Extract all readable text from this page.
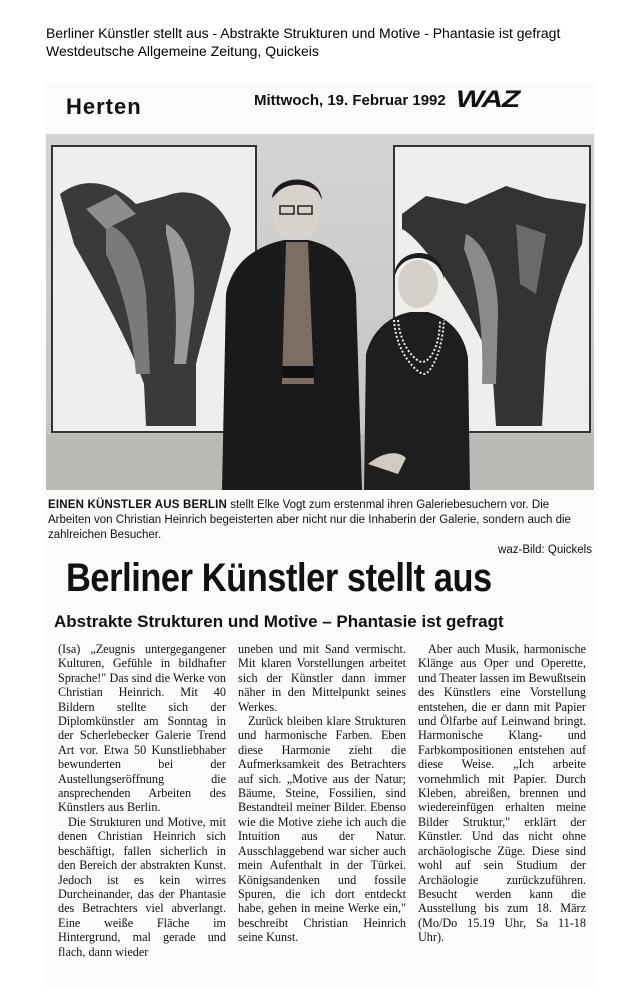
Berliner Künstler stellt aus - Abstrakte Strukturen und Motive - Phantasie ist gefragt
Westdeutsche Allgemeine Zeitung, Quickeis
Herten	Mittwoch, 19. Februar 1992 WAZ
EINEN KÜNSTLER AUS BERLIN stellt Elke Vogt zum erstenmal ihren Galeriebesuchern vor. Die Arbeiten von Christian Heinrich begeisterten aber nicht nur die Inhaberin der Galerie, sondern auch die zahlreichen Besucher.
waz-Bild: Quickels
Berliner Künstler stellt aus
Abstrakte Strukturen und Motive – Phantasie ist gefragt

(Isa) „Zeugnis untergegangener Kulturen, Gefühle in bildhafter Sprache!" Das sind die Werke von Christian Heinrich. Mit 40 Bildern stellte sich der Diplomkünstler am Sonntag in der Scherlebecker Galerie Trend Art vor. Etwa 50 Kunstliebhaber bewunderten bei der Austellungseröffnung die ansprechenden Arbeiten des Künstlers aus Berlin.

Die Strukturen und Motive, mit denen Christian Heinrich sich beschäftigt, fallen sicherlich in den Bereich der abstrakten Kunst. Jedoch ist es kein wirres Durcheinander, das der Phantasie des Betrachters viel abverlangt. Eine weiße Fläche im Hintergrund, mal gerade und flach, dann wieder

uneben und mit Sand vermischt. Mit klaren Vorstellungen arbeitet sich der Künstler dann immer näher in den Mittelpunkt seines Werkes.

Zurück bleiben klare Strukturen und harmonische Farben. Eben diese Harmonie zieht die Aufmerksamkeit des Betrachters auf sich. „Motive aus der Natur; Bäume, Steine, Fossilien, sind Bestandteil meiner Bilder. Ebenso wie die Motive ziehe ich auch die Intuition aus der Natur. Ausschlaggebend war sicher auch mein Aufenthalt in der Türkei. Königsandenken und fossile Spuren, die ich dort entdeckt habe, gehen in meine Werke ein," beschreibt Christian Heinrich seine Kunst.

Aber auch Musik, harmonische Klänge aus Oper und Operette, und Theater lassen im Bewußtsein des Künstlers eine Vorstellung entstehen, die er dann mit Papier und Ölfarbe auf Leinwand bringt. Harmonische Klang- und Farbkompositionen entstehen auf diese Weise. „Ich arbeite vornehmlich mit Papier. Durch Kleben, abreißen, brennen und wiedereinfügen erhalten meine Bilder Struktur," erklärt der Künstler. Und das nicht ohne archäologische Züge. Diese sind wohl auf sein Studium der Archäologie zurückzuführen. Besucht werden kann die Ausstellung bis zum 18. März (Mo/Do 15.19 Uhr, Sa 11-18 Uhr).
